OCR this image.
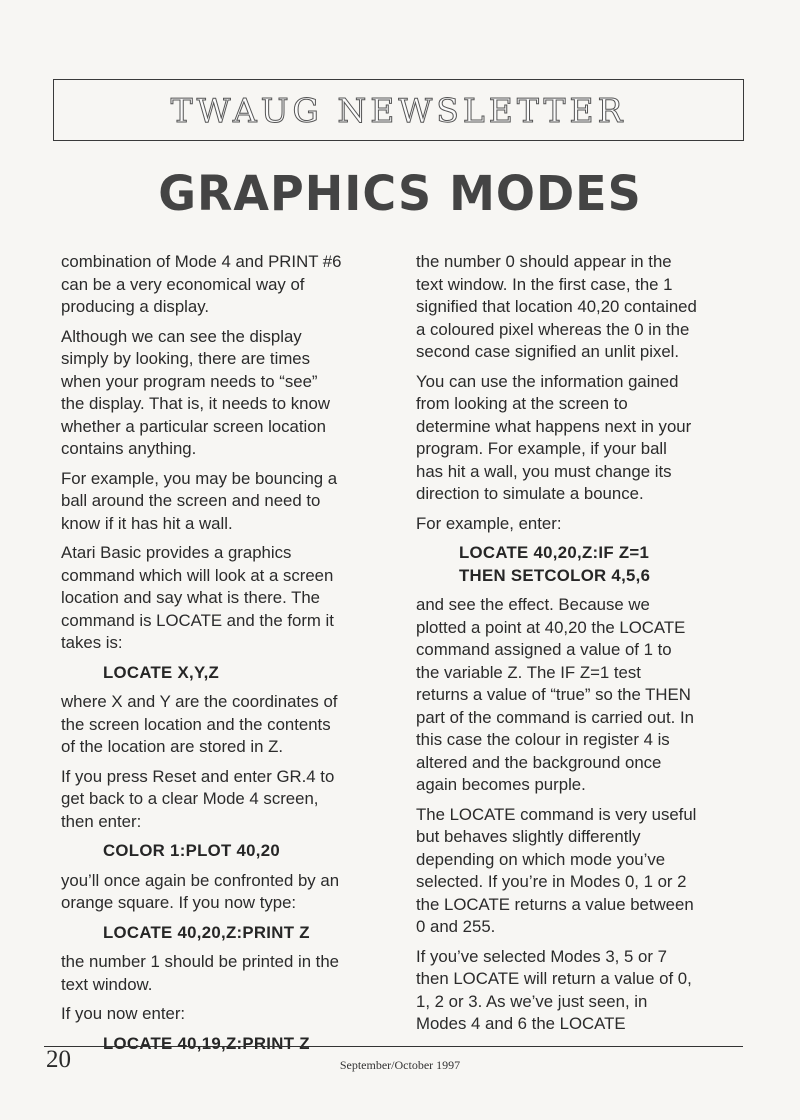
TWAUG NEWSLETTER
GRAPHICS MODES

combination of Mode 4 and PRINT #6
can be a very economical way of
producing a display.

Although we can see the display
simply by looking, there are times
when your program needs to “see”
the display. That is, it needs to know
whether a particular screen location
contains anything.

For example, you may be bouncing a
ball around the screen and need to
know if it has hit a wall.

Atari Basic provides a graphics
command which will look at a screen
location and say what is there. The
command is LOCATE and the form it
takes is:

LOCATE X,Y,Z

where X and Y are the coordinates of
the screen location and the contents
of the location are stored in Z.

If you press Reset and enter GR.4 to
get back to a clear Mode 4 screen,
then enter:

COLOR 1:PLOT 40,20

you’ll once again be confronted by an
orange square. If you now type:

LOCATE 40,20,Z:PRINT Z

the number 1 should be printed in the
text window.

If you now enter:

LOCATE 40,19,Z:PRINT Z

the number 0 should appear in the
text window. In the first case, the 1
signified that location 40,20 contained
a coloured pixel whereas the 0 in the
second case signified an unlit pixel.

You can use the information gained
from looking at the screen to
determine what happens next in your
program. For example, if your ball
has hit a wall, you must change its
direction to simulate a bounce.

For example, enter:

LOCATE 40,20,Z:IF Z=1
THEN SETCOLOR 4,5,6

and see the effect. Because we
plotted a point at 40,20 the LOCATE
command assigned a value of 1 to
the variable Z. The IF Z=1 test
returns a value of “true” so the THEN
part of the command is carried out. In
this case the colour in register 4 is
altered and the background once
again becomes purple.

The LOCATE command is very useful
but behaves slightly differently
depending on which mode you’ve
selected. If you’re in Modes 0, 1 or 2
the LOCATE returns a value between
0 and 255.

If you’ve selected Modes 3, 5 or 7
then LOCATE will return a value of 0,
1, 2 or 3. As we’ve just seen, in
Modes 4 and 6 the LOCATE

20	September/October 1997
